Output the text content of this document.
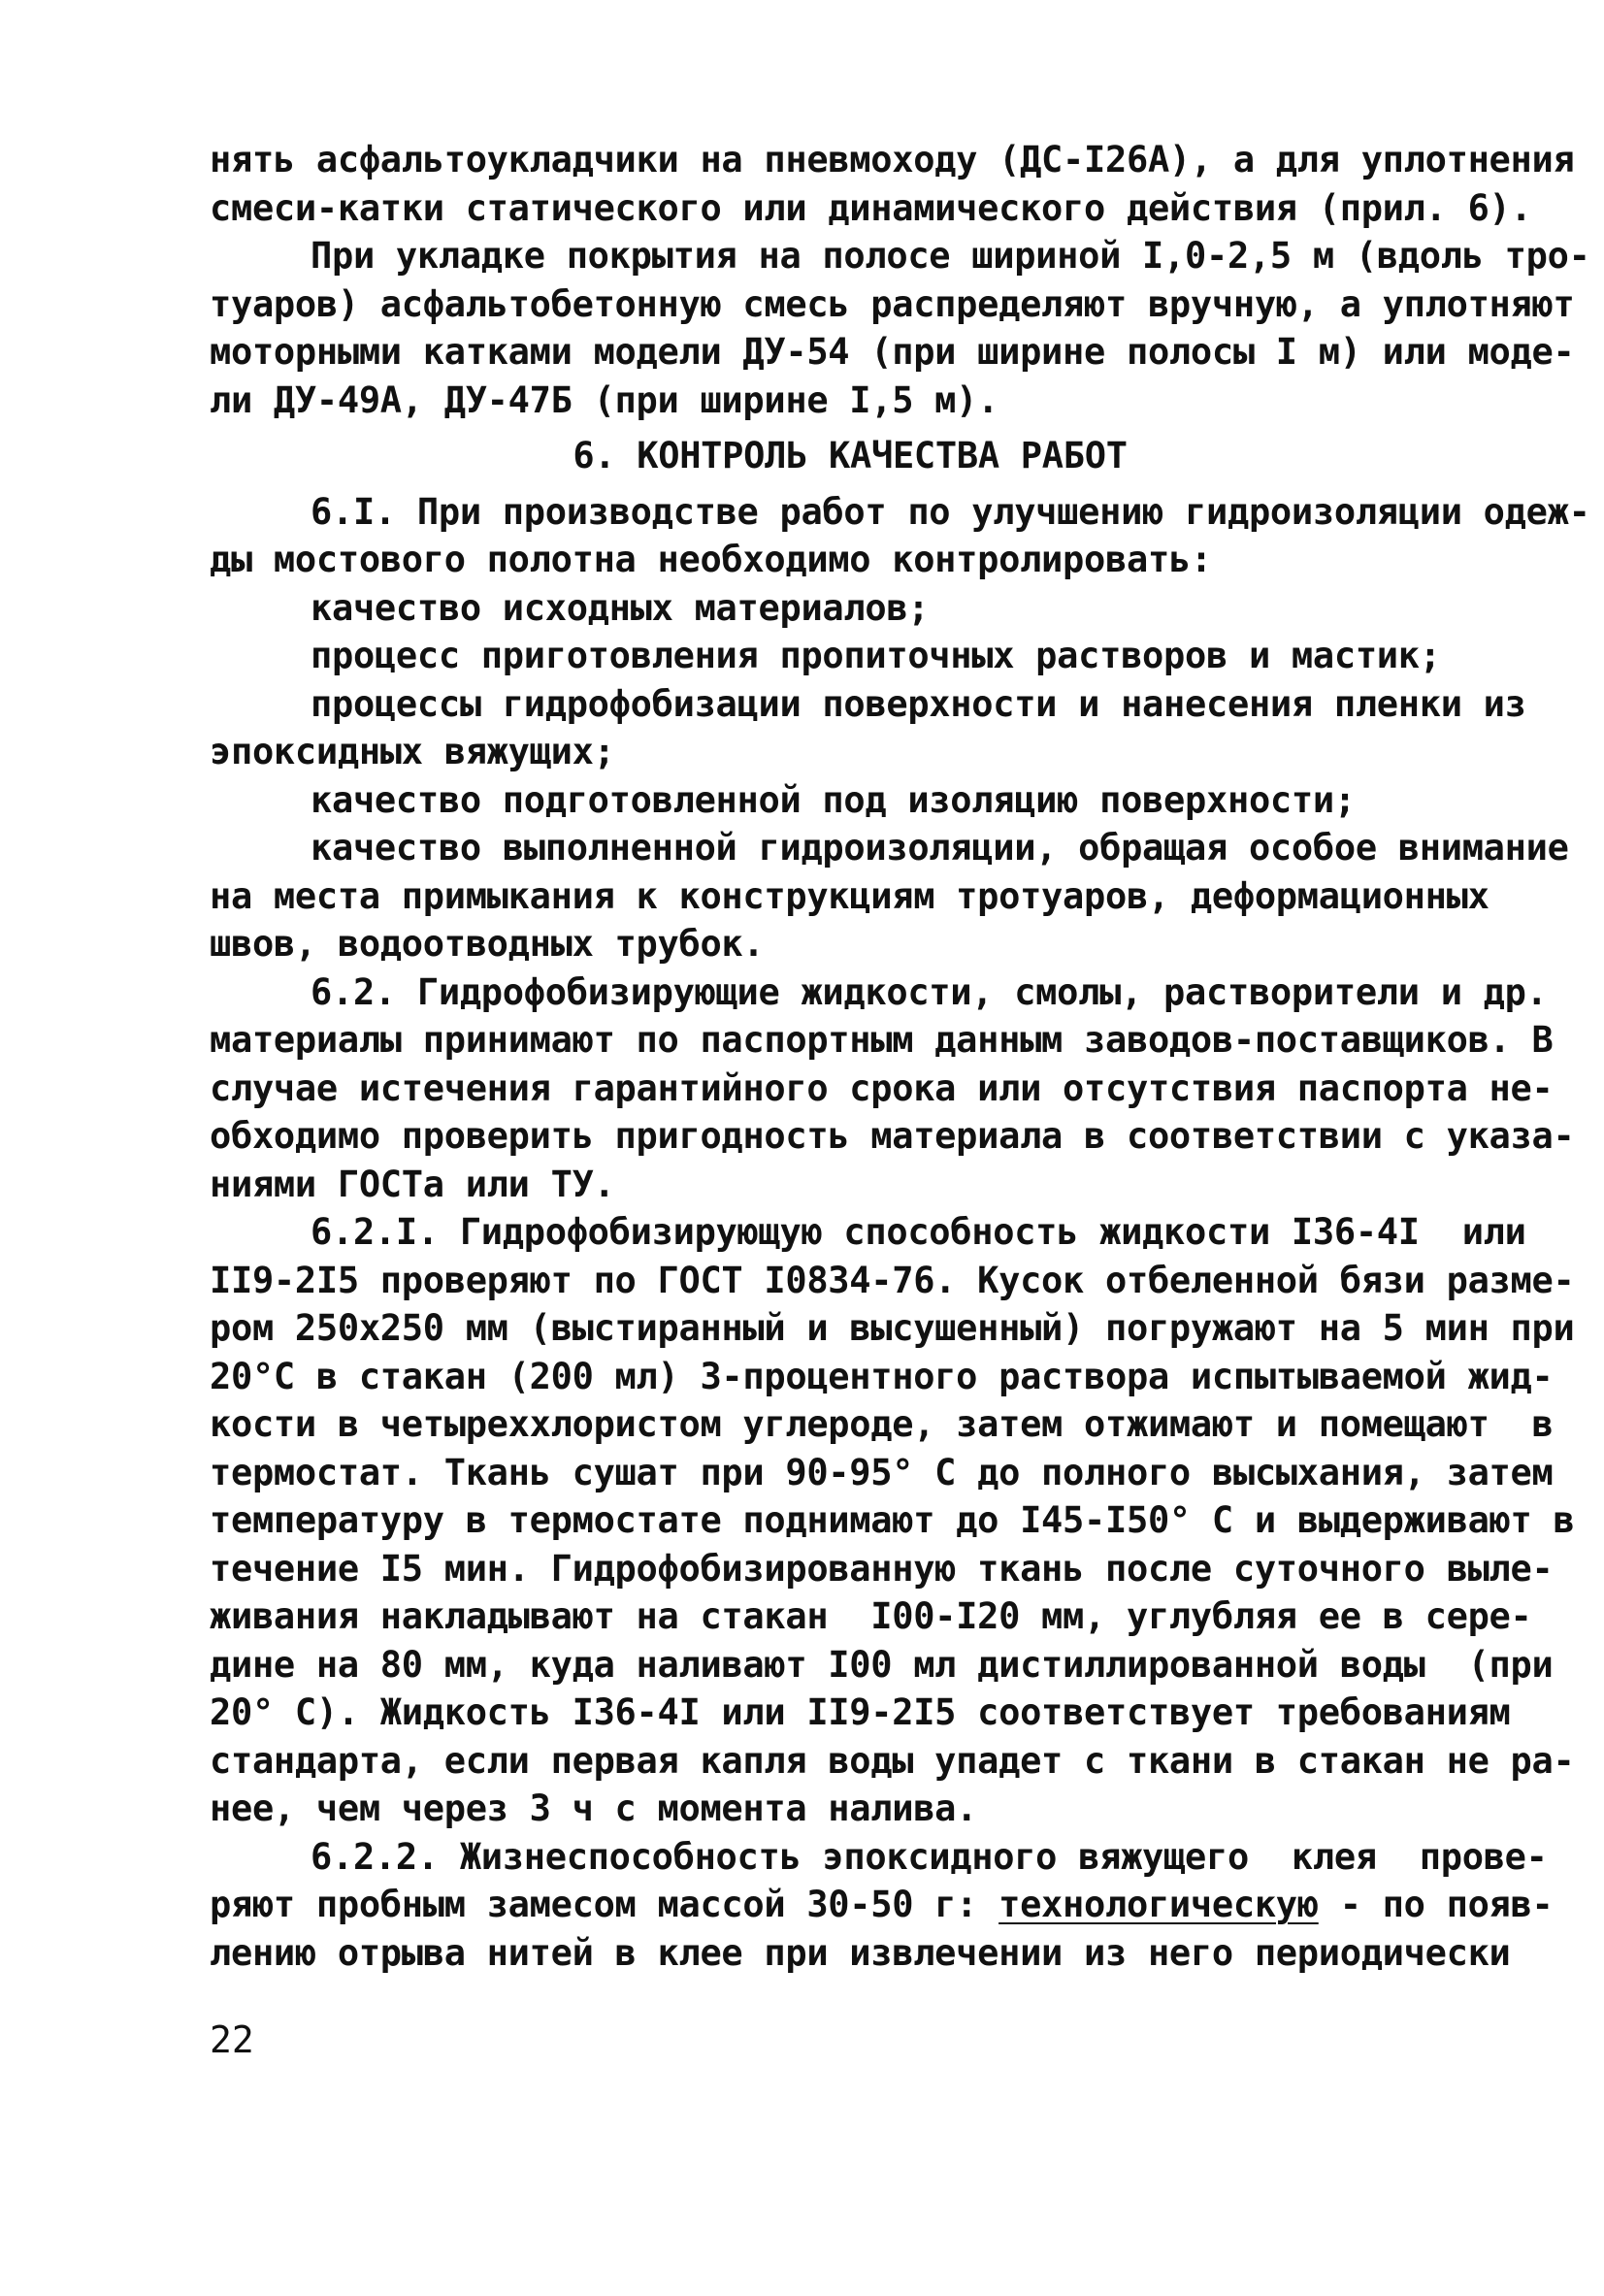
нять асфальтоукладчики на пневмоходу (ДС-I26A), а для уплотнения
смеси-катки статического или динамического действия (прил. 6).
При укладке покрытия на полосе шириной I,0-2,5 м (вдоль тро-
туаров) асфальтобетонную смесь распределяют вручную, а уплотняют
моторными катками модели ДУ-54 (при ширине полосы I м) или моде-
ли ДУ-49А, ДУ-47Б (при ширине I,5 м).
6. КОНТРОЛЬ КАЧЕСТВА РАБОТ
6.I. При производстве работ по улучшению гидроизоляции одеж-
ды мостового полотна необходимо контролировать:
качество исходных материалов;
процесс приготовления пропиточных растворов и мастик;
процессы гидрофобизации поверхности и нанесения пленки из
эпоксидных вяжущих;
качество подготовленной под изоляцию поверхности;
качество выполненной гидроизоляции, обращая особое внимание
на места примыкания к конструкциям тротуаров, деформационных
швов, водоотводных трубок.
6.2. Гидрофобизирующие жидкости, смолы, растворители и др.
материалы принимают по паспортным данным заводов-поставщиков. В
случае истечения гарантийного срока или отсутствия паспорта не-
обходимо проверить пригодность материала в соответствии с указа-
ниями ГОСТа или ТУ.
6.2.I. Гидрофобизирующую способность жидкости I36-4I  или
II9-2I5 проверяют по ГОСТ I0834-76. Кусок отбеленной бязи разме-
ром 250x250 мм (выстиранный и высушенный) погружают на 5 мин при
20°C в стакан (200 мл) 3-процентного раствора испытываемой жид-
кости в четыреххлористом углероде, затем отжимают и помещают  в
термостат. Ткань сушат при 90-95° С до полного высыхания, затем
температуру в термостате поднимают до I45-I50° С и выдерживают в
течение I5 мин. Гидрофобизированную ткань после суточного выле-
живания накладывают на стакан  I00-I20 мм, углубляя ее в сере-
дине на 80 мм, куда наливают I00 мл дистиллированной воды  (при
20° С). Жидкость I36-4I или II9-2I5 соответствует требованиям
стандарта, если первая капля воды упадет с ткани в стакан не ра-
нее, чем через 3 ч с момента налива.
6.2.2. Жизнеспособность эпоксидного вяжущего  клея  прове-
ряют пробным замесом массой 30-50 г: технологическую - по появ-
лению отрыва нитей в клее при извлечении из него периодически
22
